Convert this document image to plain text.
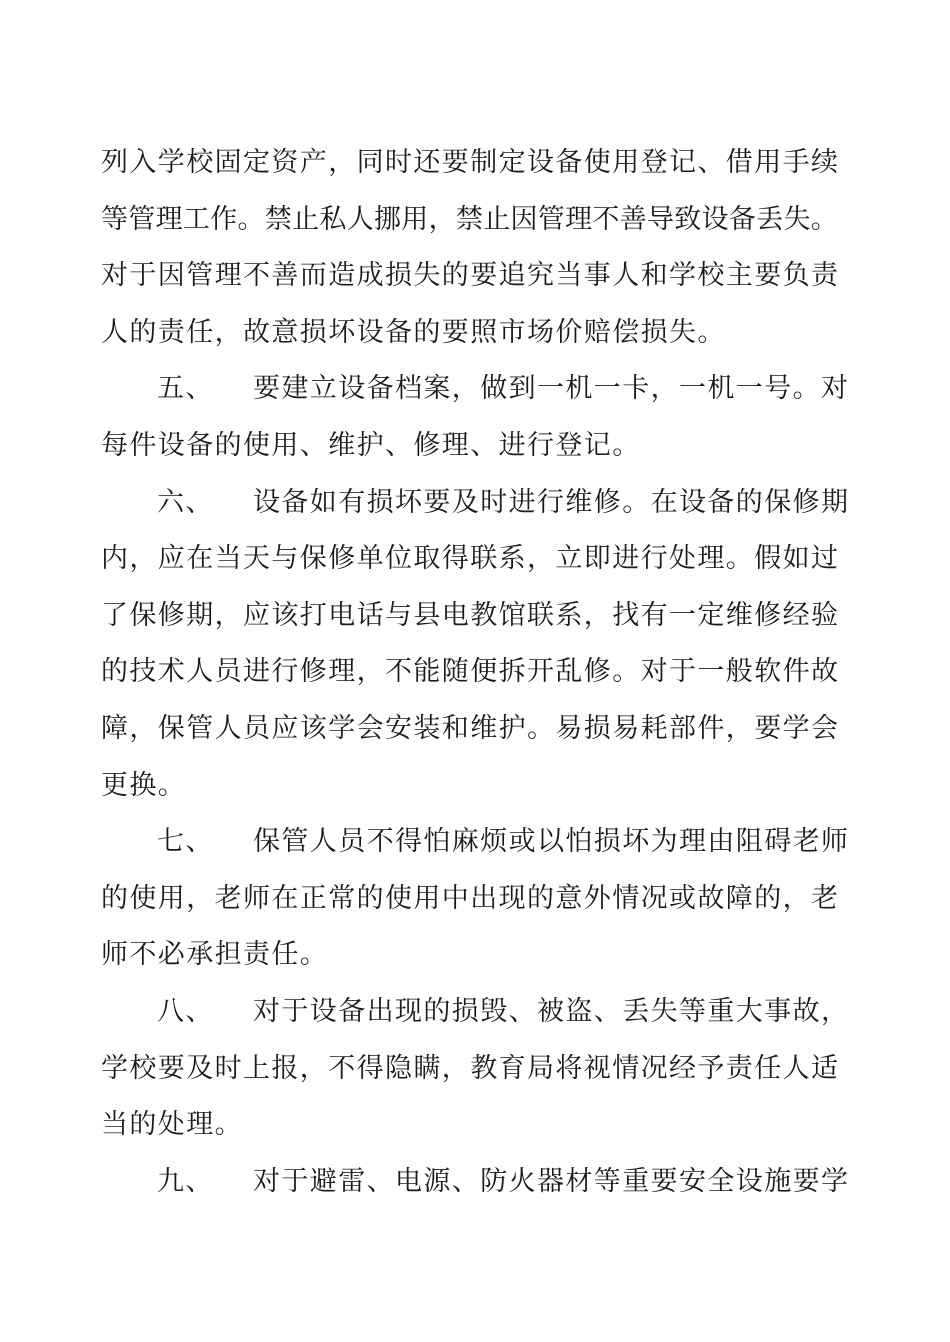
列入学校固定资产，同时还要制定设备使用登记、借用手续
等管理工作。禁止私人挪用，禁止因管理不善导致设备丢失。
对于因管理不善而造成损失的要追究当事人和学校主要负责
人的责任，故意损坏设备的要照市场价赔偿损失。
五、 要建立设备档案，做到一机一卡，一机一号。对
每件设备的使用、维护、修理、进行登记。
六、 设备如有损坏要及时进行维修。在设备的保修期
内，应在当天与保修单位取得联系，立即进行处理。假如过
了保修期，应该打电话与县电教馆联系，找有一定维修经验
的技术人员进行修理，不能随便拆开乱修。对于一般软件故
障，保管人员应该学会安装和维护。易损易耗部件，要学会
更换。
七、 保管人员不得怕麻烦或以怕损坏为理由阻碍老师
的使用，老师在正常的使用中出现的意外情况或故障的，老
师不必承担责任。
八、 对于设备出现的损毁、被盗、丢失等重大事故，
学校要及时上报，不得隐瞒，教育局将视情况经予责任人适
当的处理。
九、 对于避雷、电源、防火器材等重要安全设施要学
